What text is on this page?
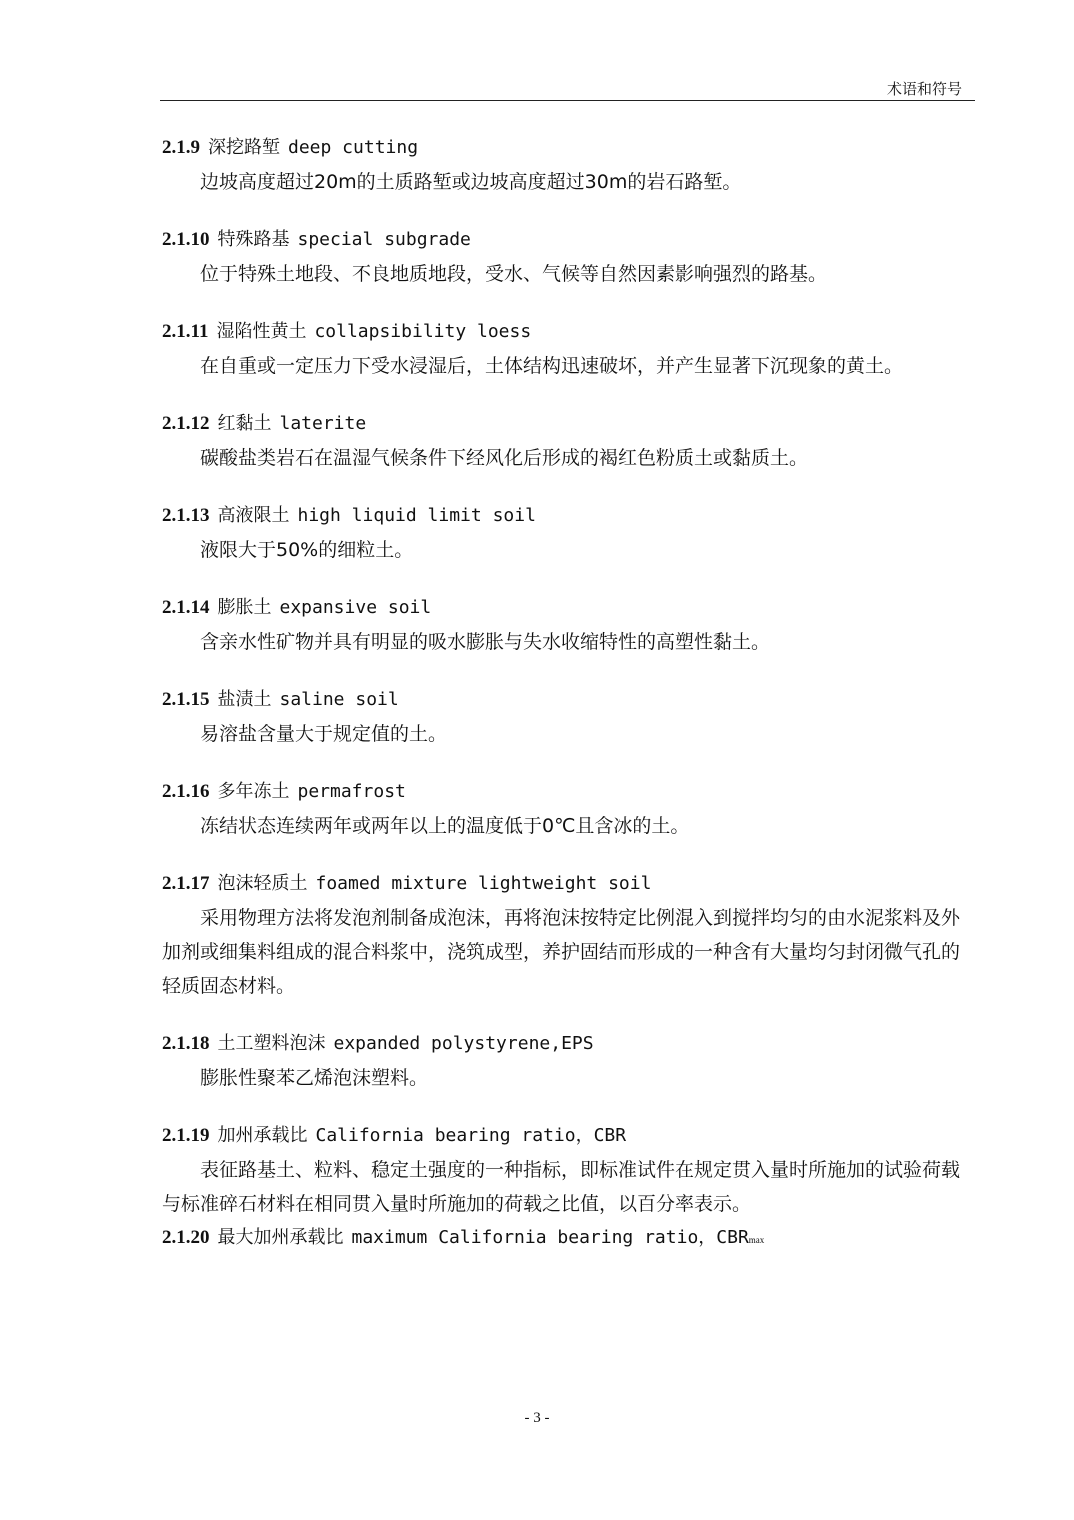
术语和符号
2.1.9 深挖路堑 deep cutting

边坡高度超过20m的土质路堑或边坡高度超过30m的岩石路堑。

2.1.10 特殊路基 special subgrade

位于特殊土地段、不良地质地段，受水、气候等自然因素影响强烈的路基。

2.1.11 湿陷性黄土 collapsibility loess

在自重或一定压力下受水浸湿后，土体结构迅速破坏，并产生显著下沉现象的黄土。

2.1.12 红黏土 laterite

碳酸盐类岩石在温湿气候条件下经风化后形成的褐红色粉质土或黏质土。

2.1.13 高液限土 high liquid limit soil

液限大于50%的细粒土。

2.1.14 膨胀土 expansive soil

含亲水性矿物并具有明显的吸水膨胀与失水收缩特性的高塑性黏土。

2.1.15 盐渍土 saline soil

易溶盐含量大于规定值的土。

2.1.16 多年冻土 permafrost

冻结状态连续两年或两年以上的温度低于0℃且含冰的土。

2.1.17 泡沫轻质土 foamed mixture lightweight soil

采用物理方法将发泡剂制备成泡沫，再将泡沫按特定比例混入到搅拌均匀的由水泥浆料及外加剂或细集料组成的混合料浆中，浇筑成型，养护固结而形成的一种含有大量均匀封闭微气孔的轻质固态材料。

2.1.18 土工塑料泡沫 expanded polystyrene,EPS

膨胀性聚苯乙烯泡沫塑料。

2.1.19 加州承载比 California bearing ratio，CBR

表征路基土、粒料、稳定土强度的一种指标，即标准试件在规定贯入量时所施加的试验荷载与标准碎石材料在相同贯入量时所施加的荷载之比值，以百分率表示。

2.1.20 最大加州承载比 maximum California bearing ratio，CBRmax
- 3 -
